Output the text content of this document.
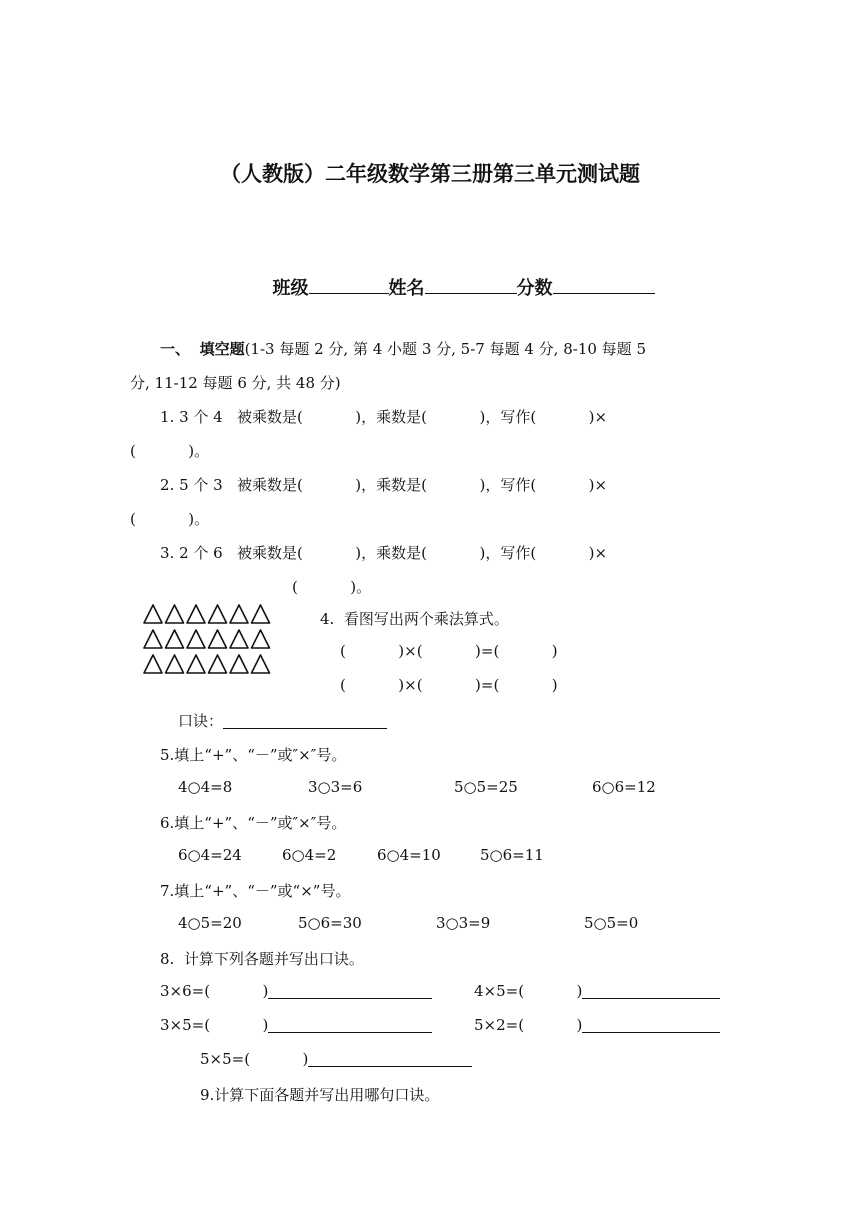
（人教版）二年级数学第三册第三单元测试题

班级	姓名	分数

一、 填空题(1-3 每题 2 分, 第 4 小题 3 分, 5-7 每题 4 分, 8-10 每题 5
分, 11-12 每题 6 分, 共 48 分)
1. 3 个 4   被乘数是(           )，乘数是(           )，写作(           )×
(           )。
2. 5 个 3   被乘数是(           )，乘数是(           )，写作(           )×
(           )。
3. 2 个 6   被乘数是(           )，乘数是(           )，写作(           )×
(           )。
4.  看图写出两个乘法算式。
(           )×(           )=(           )
(           )×(           )=(           )
口诀：
5.填上“+”、“－”或″×″号。
4○4=8	3○3=6	5○5=25	6○6=12
6.填上“+”、“－”或″×″号。
6○4=24	6○4=2	6○4=10	5○6=11
7.填上“+”、“－”或“×”号。
4○5=20	5○6=30	3○3=9	5○5=0
8.  计算下列各题并写出口诀。
3×6=(           )	4×5=(           )
3×5=(           )	5×2=(           )
5×5=(           )
9.计算下面各题并写出用哪句口诀。
